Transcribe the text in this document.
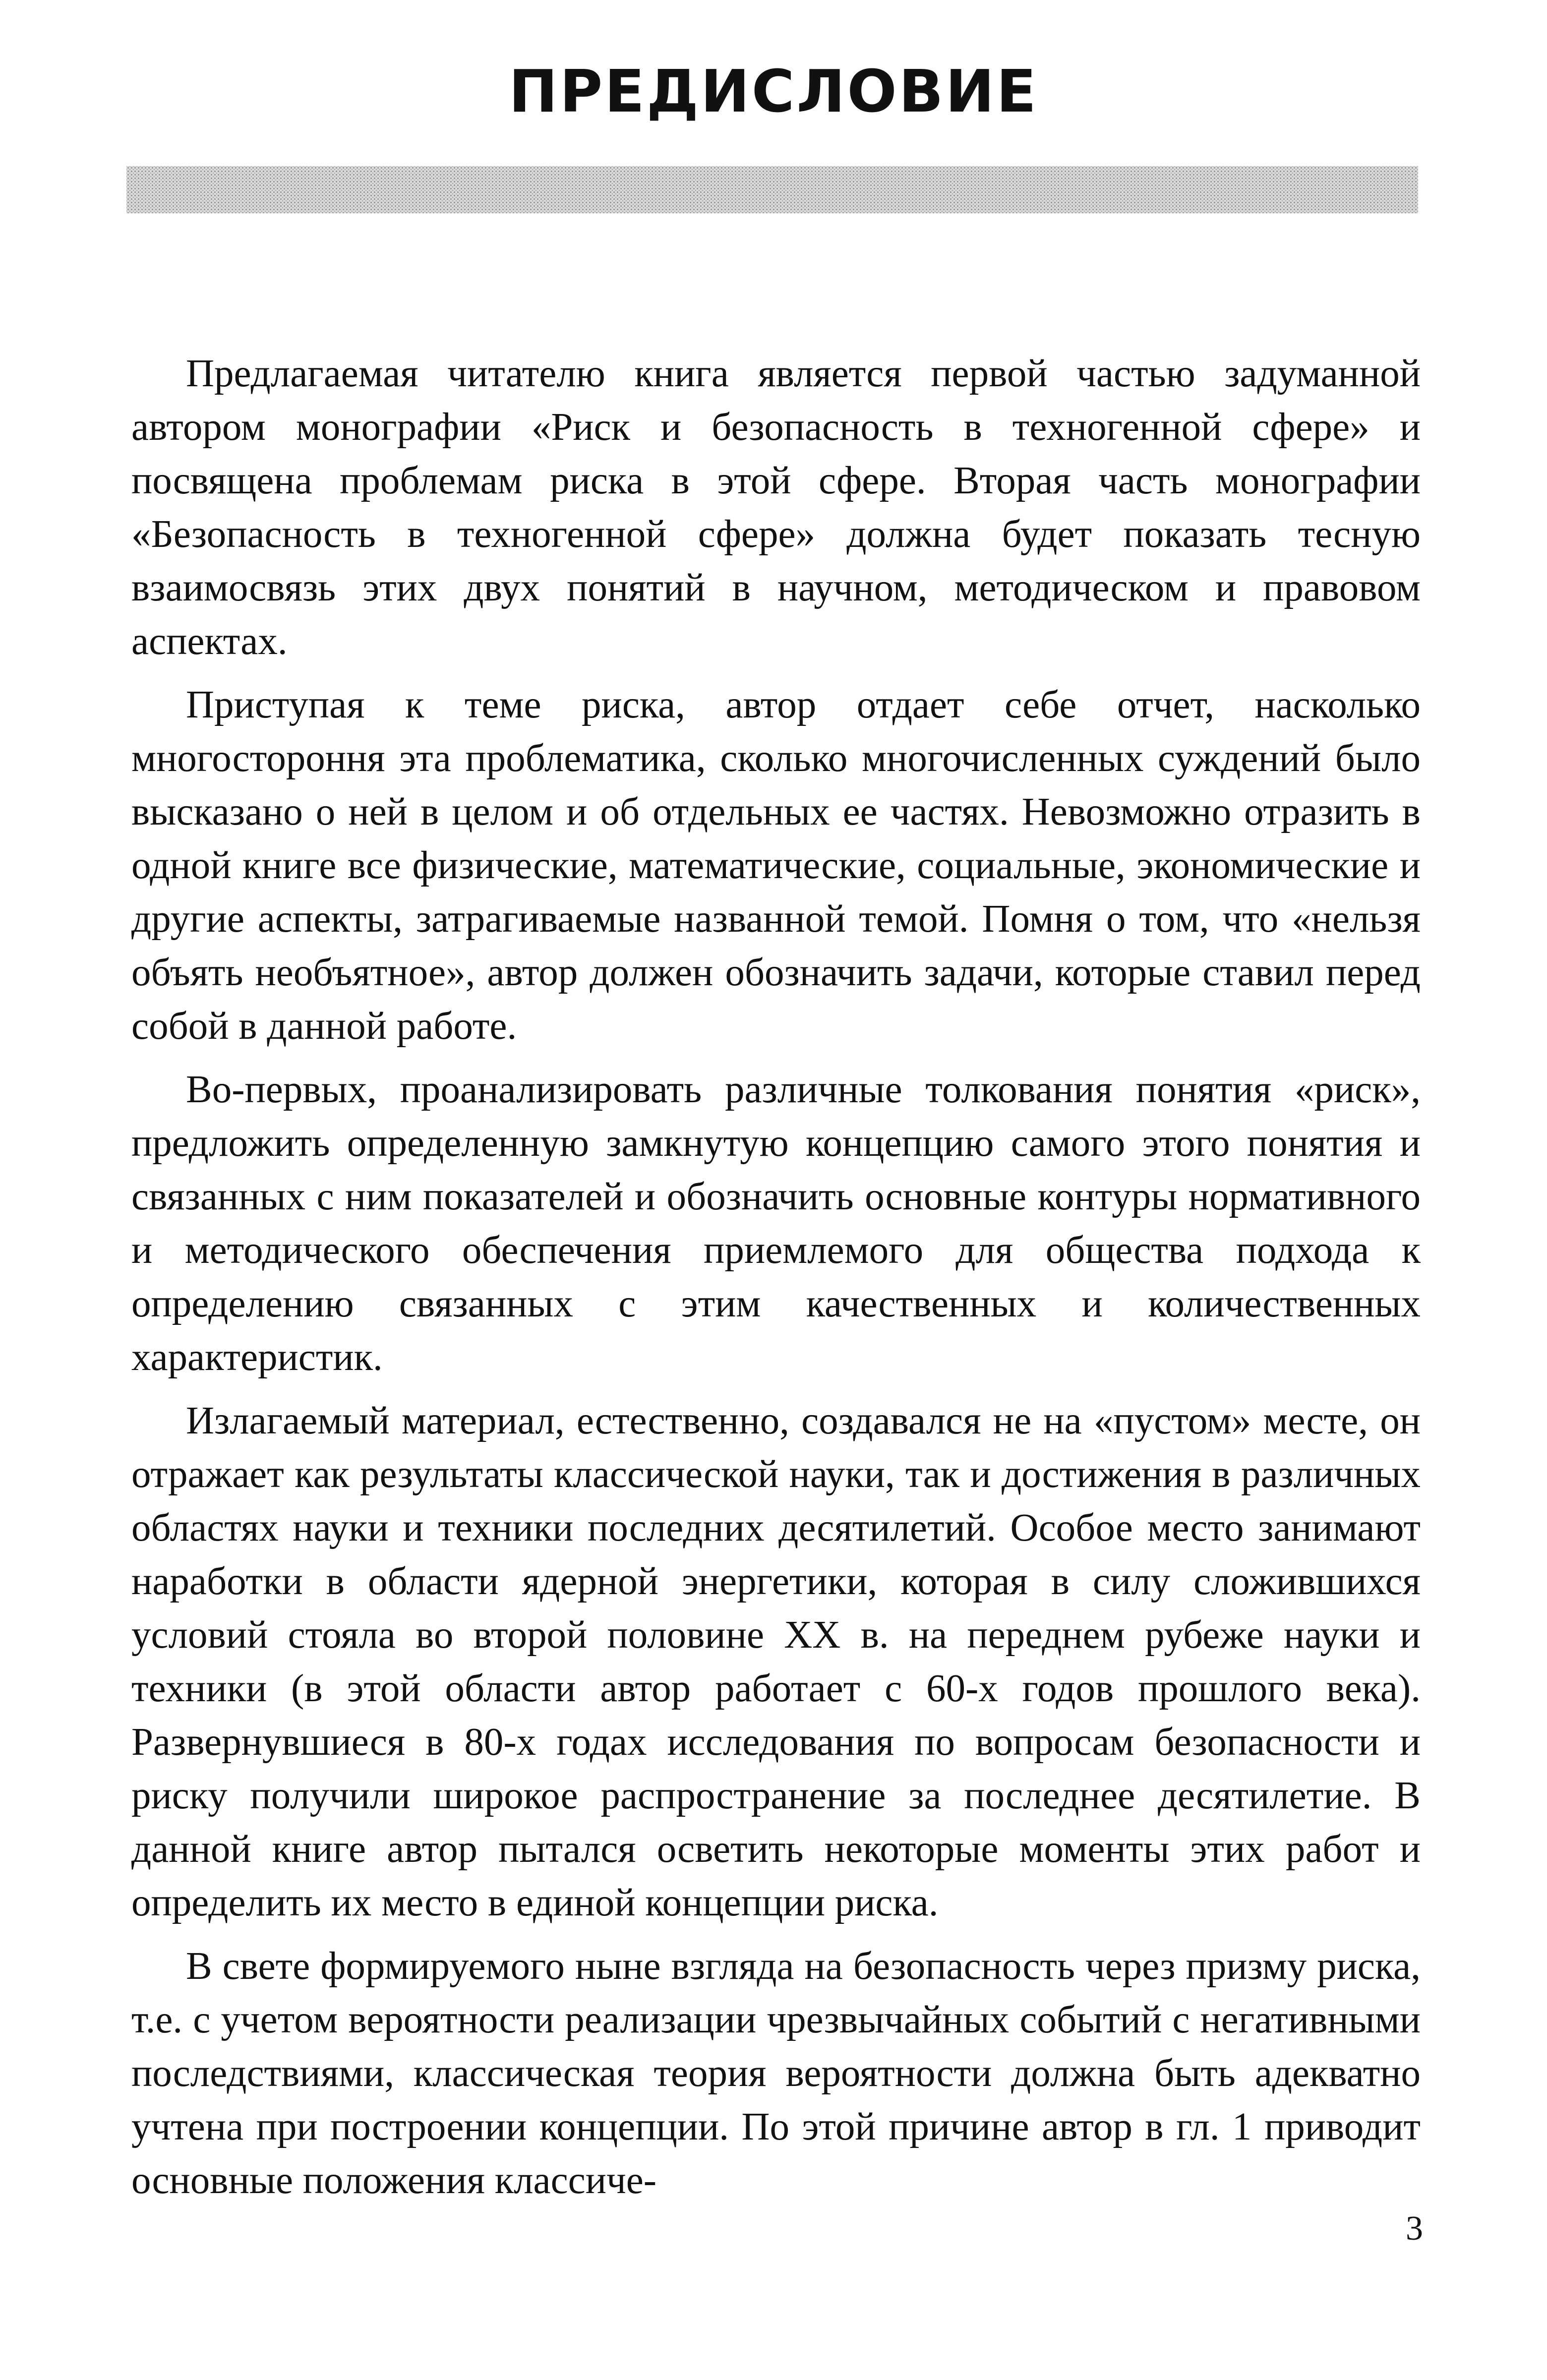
ПРЕДИСЛОВИЕ

Предлагаемая читателю книга является первой частью задуманной автором монографии «Риск и безопасность в техногенной сфере» и посвящена проблемам риска в этой сфере. Вторая часть монографии «Безопасность в техногенной сфере» должна будет показать тесную взаимосвязь этих двух понятий в научном, методическом и правовом аспектах.

Приступая к теме риска, автор отдает себе отчет, насколько многостороння эта проблематика, сколько многочисленных суждений было высказано о ней в целом и об отдельных ее частях. Невозможно отразить в одной книге все физические, математические, социальные, экономические и другие аспекты, затрагиваемые названной темой. Помня о том, что «нельзя объять необъятное», автор должен обозначить задачи, которые ставил перед собой в данной работе.

Во-первых, проанализировать различные толкования понятия «риск», предложить определенную замкнутую концепцию самого этого понятия и связанных с ним показателей и обозначить основные контуры нормативного и методического обеспечения приемлемого для общества подхода к определению связанных с этим качественных и количественных характеристик.

Излагаемый материал, естественно, создавался не на «пустом» месте, он отражает как результаты классической науки, так и достижения в различных областях науки и техники последних десятилетий. Особое место занимают наработки в области ядерной энергетики, которая в силу сложившихся условий стояла во второй половине XX в. на переднем рубеже науки и техники (в этой области автор работает с 60-х годов прошлого века). Развернувшиеся в 80-х годах исследования по вопросам безопасности и риску получили широкое распространение за последнее десятилетие. В данной книге автор пытался осветить некоторые моменты этих работ и определить их место в единой концепции риска.

В свете формируемого ныне взгляда на безопасность через призму риска, т.е. с учетом вероятности реализации чрезвычайных событий с негативными последствиями, классическая теория вероятности должна быть адекватно учтена при построении концепции. По этой причине автор в гл. 1 приводит основные положения классиче-

3
